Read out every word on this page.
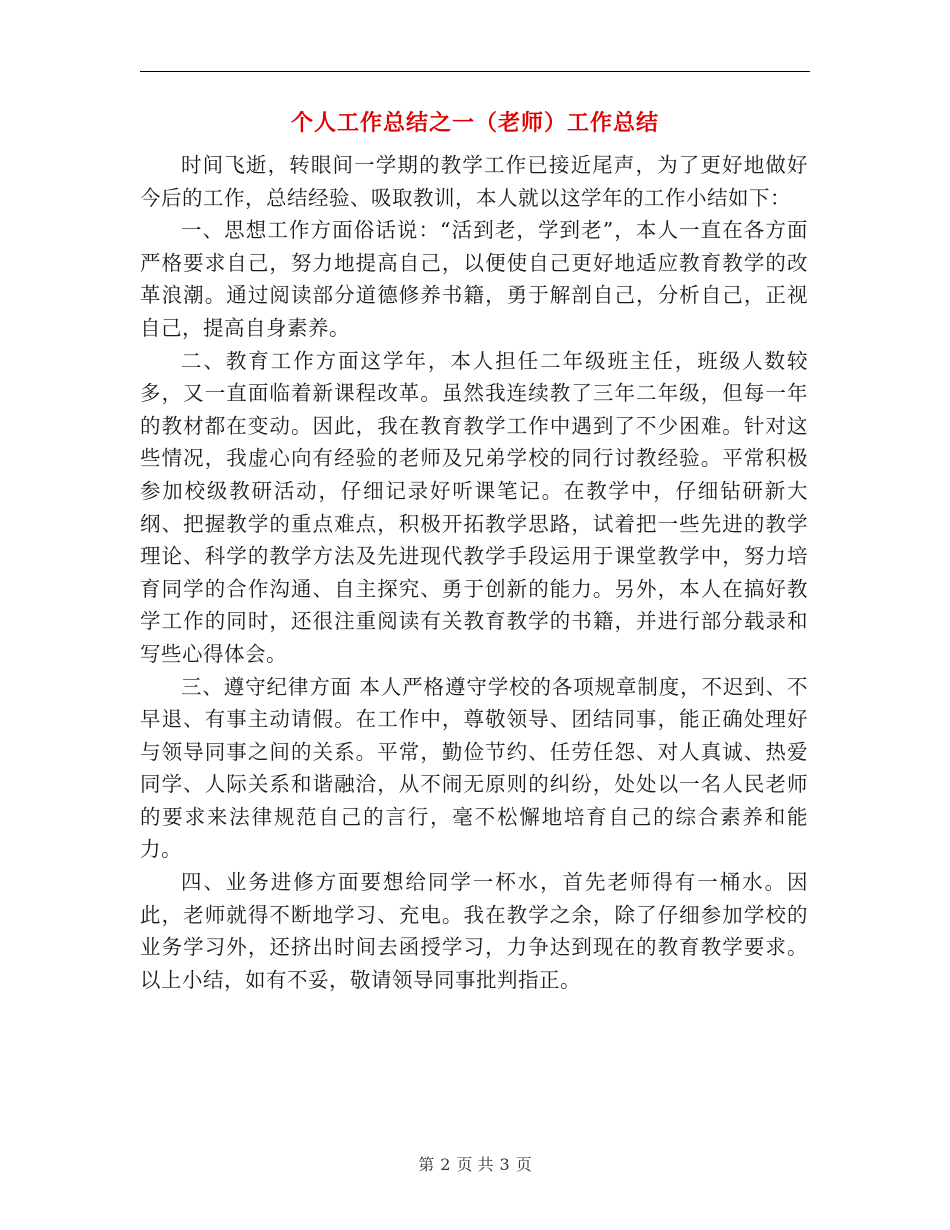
个人工作总结之一（老师）工作总结

时间飞逝，转眼间一学期的教学工作已接近尾声，为了更好地做好今后的工作，总结经验、吸取教训，本人就以这学年的工作小结如下：

一、思想工作方面俗话说：“活到老，学到老”，本人一直在各方面严格要求自己，努力地提高自己，以便使自己更好地适应教育教学的改革浪潮。通过阅读部分道德修养书籍，勇于解剖自己，分析自己，正视自己，提高自身素养。

二、教育工作方面这学年，本人担任二年级班主任，班级人数较多，又一直面临着新课程改革。虽然我连续教了三年二年级，但每一年的教材都在变动。因此，我在教育教学工作中遇到了不少困难。针对这些情况，我虚心向有经验的老师及兄弟学校的同行讨教经验。平常积极参加校级教研活动，仔细记录好听课笔记。在教学中，仔细钻研新大纲、把握教学的重点难点，积极开拓教学思路，试着把一些先进的教学理论、科学的教学方法及先进现代教学手段运用于课堂教学中，努力培育同学的合作沟通、自主探究、勇于创新的能力。另外，本人在搞好教学工作的同时，还很注重阅读有关教育教学的书籍，并进行部分载录和写些心得体会。

三、遵守纪律方面 本人严格遵守学校的各项规章制度，不迟到、不早退、有事主动请假。在工作中，尊敬领导、团结同事，能正确处理好与领导同事之间的关系。平常，勤俭节约、任劳任怨、对人真诚、热爱同学、人际关系和谐融洽，从不闹无原则的纠纷，处处以一名人民老师的要求来法律规范自己的言行，毫不松懈地培育自己的综合素养和能力。

四、业务进修方面要想给同学一杯水，首先老师得有一桶水。因此，老师就得不断地学习、充电。我在教学之余，除了仔细参加学校的业务学习外，还挤出时间去函授学习，力争达到现在的教育教学要求。 以上小结，如有不妥，敬请领导同事批判指正。

第 2 页 共 3 页
